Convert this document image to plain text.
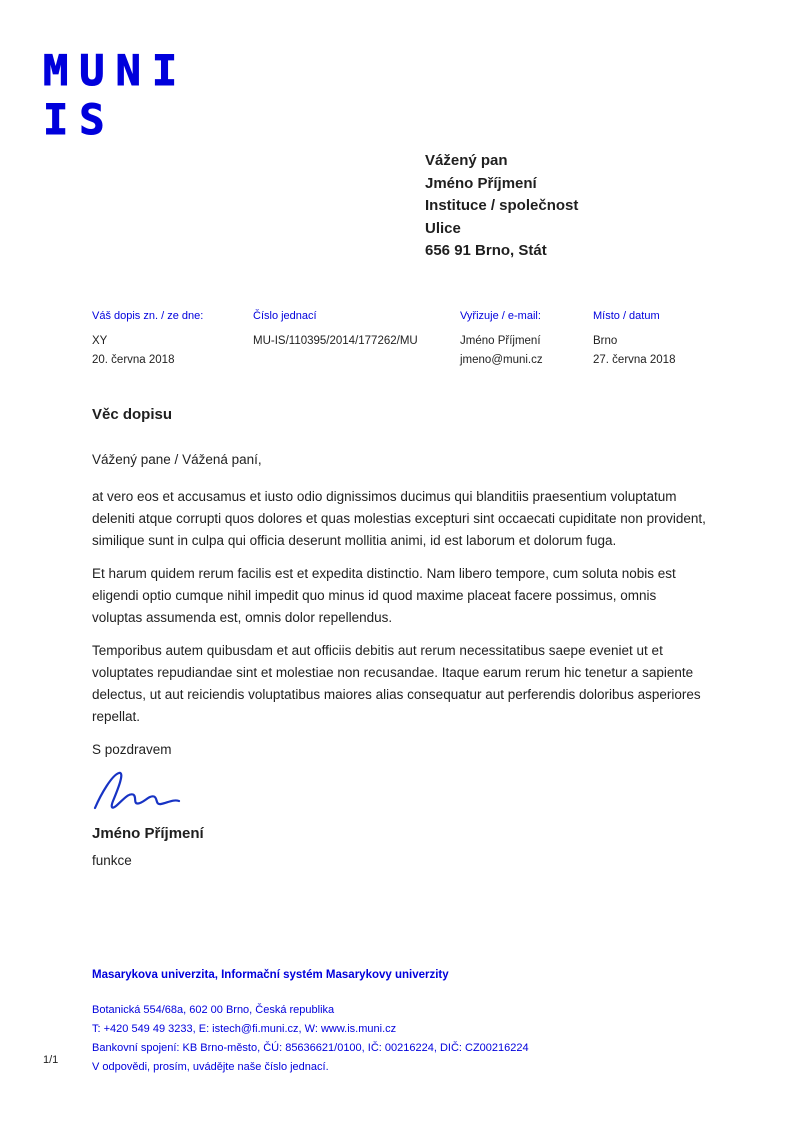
MUNI
IS
Vážený pan
Jméno Příjmení
Instituce / společnost
Ulice
656 91 Brno, Stát
Váš dopis zn. / ze dne:
XY
20. června 2018
Číslo jednací
MU-IS/110395/2014/177262/MU
Vyřizuje / e-mail:
Jméno Příjmení
jmeno@muni.cz
Místo / datum
Brno
27. června 2018
Věc dopisu

Vážený pane / Vážená paní,

at vero eos et accusamus et iusto odio dignissimos ducimus qui blanditiis praesentium voluptatum deleniti atque corrupti quos dolores et quas molestias excepturi sint occaecati cupiditate non provident, similique sunt in culpa qui officia deserunt mollitia animi, id est laborum et dolorum fuga.

Et harum quidem rerum facilis est et expedita distinctio. Nam libero tempore, cum soluta nobis est eligendi optio cumque nihil impedit quo minus id quod maxime placeat facere possimus, omnis voluptas assumenda est, omnis dolor repellendus.

Temporibus autem quibusdam et aut officiis debitis aut rerum necessitatibus saepe eveniet ut et voluptates repudiandae sint et molestiae non recusandae. Itaque earum rerum hic tenetur a sapiente delectus, ut aut reiciendis voluptatibus maiores alias consequatur aut perferendis doloribus asperiores repellat.

S pozdravem

Jméno Příjmení
funkce
Masarykova univerzita, Informační systém Masarykovy univerzity
Botanická 554/68a, 602 00 Brno, Česká republika
T: +420 549 49 3233, E: istech@fi.muni.cz, W: www.is.muni.cz
Bankovní spojení: KB Brno-město, ČÚ: 85636621/0100, IČ: 00216224, DIČ: CZ00216224
V odpovědi, prosím, uvádějte naše číslo jednací.
1/1
